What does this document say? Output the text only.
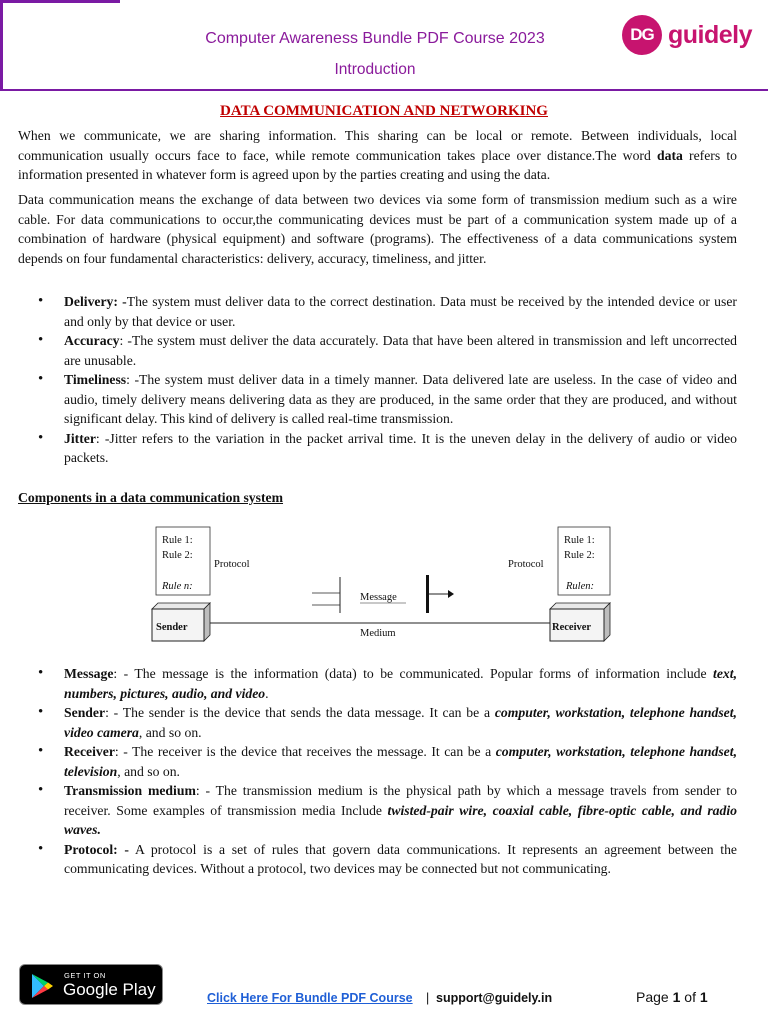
Computer Awareness Bundle PDF Course 2023
Introduction
DG guidely
DATA COMMUNICATION AND NETWORKING

When we communicate, we are sharing information. This sharing can be local or remote. Between individuals, local communication usually occurs face to face, while remote communication takes place over distance.The word data refers to information presented in whatever form is agreed upon by the parties creating and using the data.

Data communication means the exchange of data between two devices via some form of transmission medium such as a wire cable. For data communications to occur,the communicating devices must be part of a communication system made up of a combination of hardware (physical equipment) and software (programs). The effectiveness of a data communications system depends on four fundamental characteristics: delivery, accuracy, timeliness, and jitter.

• Delivery: -The system must deliver data to the correct destination. Data must be received by the intended device or user and only by that device or user.
• Accuracy: -The system must deliver the data accurately. Data that have been altered in transmission and left uncorrected are unusable.
• Timeliness: -The system must deliver data in a timely manner. Data delivered late are useless. In the case of video and audio, timely delivery means delivering data as they are produced, in the same order that they are produced, and without significant delay. This kind of delivery is called real-time transmission.
• Jitter: -Jitter refers to the variation in the packet arrival time. It is the uneven delay in the delivery of audio or video packets.
Components in a data communication system
Rule 1:
Rule 2:
Rule n:
Protocol
Rule 1:
Rule 2:
Rulen:
Protocol
Sender	Receiver
Medium
Message
• Message: - The message is the information (data) to be communicated. Popular forms of information include text, numbers, pictures, audio, and video.
• Sender: - The sender is the device that sends the data message. It can be a computer, workstation, telephone handset, video camera, and so on.
• Receiver: - The receiver is the device that receives the message. It can be a computer, workstation, telephone handset, television, and so on.
• Transmission medium: - The transmission medium is the physical path by which a message travels from sender to receiver. Some examples of transmission media Include twisted-pair wire, coaxial cable, fibre-optic cable, and radio waves.
• Protocol: - A protocol is a set of rules that govern data communications. It represents an agreement between the communicating devices. Without a protocol, two devices may be connected but not communicating.
GET IT ON
Google Play	Click Here For Bundle PDF Course | support@guidely.in	Page 1 of 1
